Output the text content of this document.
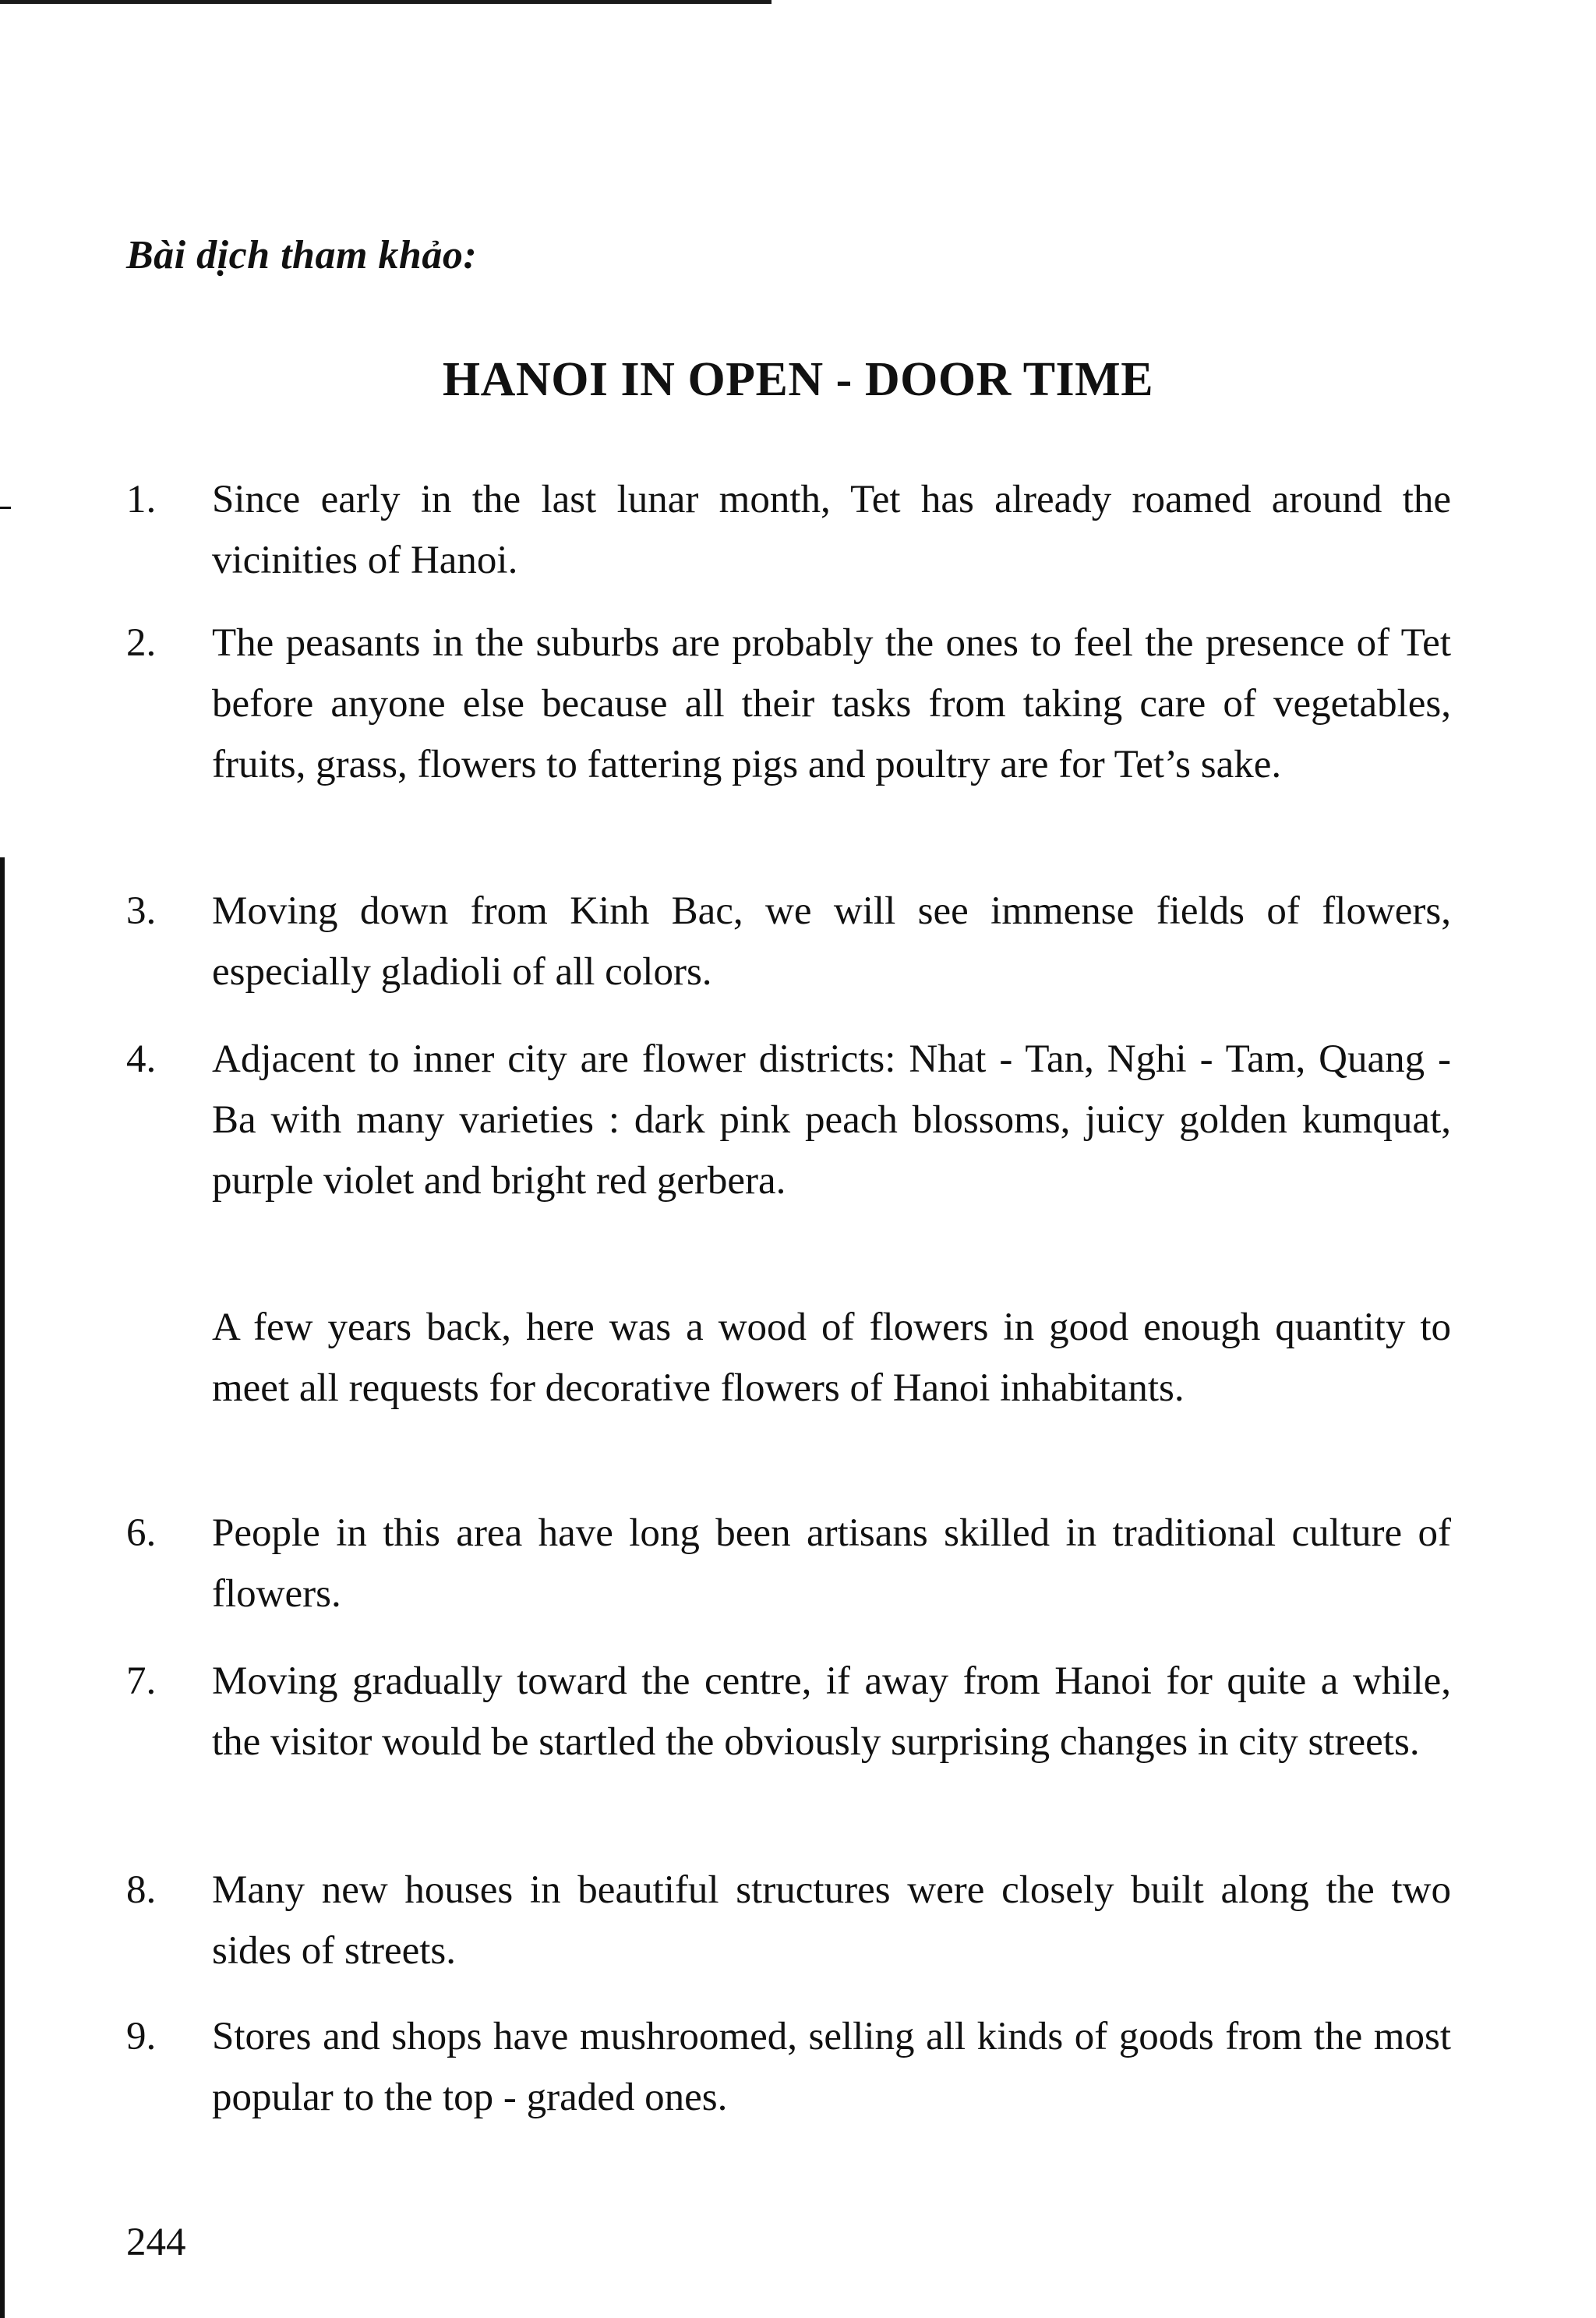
Bài dịch tham khảo:
HANOI IN OPEN - DOOR TIME
1.	Since early in the last lunar month, Tet has already roamed around the vicinities of Hanoi.
2.	The peasants in the suburbs are probably the ones to feel the presence of Tet before anyone else because all their tasks from taking care of vegetables, fruits, grass, flowers to fattering pigs and poultry are for Tet’s sake.
3.	Moving down from Kinh Bac, we will see immense fields of flowers, especially gladioli of all colors.
4.	Adjacent to inner city are flower districts: Nhat - Tan, Nghi - Tam, Quang - Ba with many varieties : dark pink peach blossoms, juicy golden kumquat, purple violet and bright red gerbera.
A few years back, here was a wood of flowers in good enough quantity to meet all requests for decorative flowers of Hanoi inhabitants.
6.	People in this area have long been artisans skilled in traditional culture of flowers.
7.	Moving gradually toward the centre, if away from Hanoi for quite a while, the visitor would be startled the obviously surprising changes in city streets.
8.	Many new houses in beautiful structures were closely built along the two sides of streets.
9.	Stores and shops have mushroomed, selling all kinds of goods from the most popular to the top - graded ones.
244
